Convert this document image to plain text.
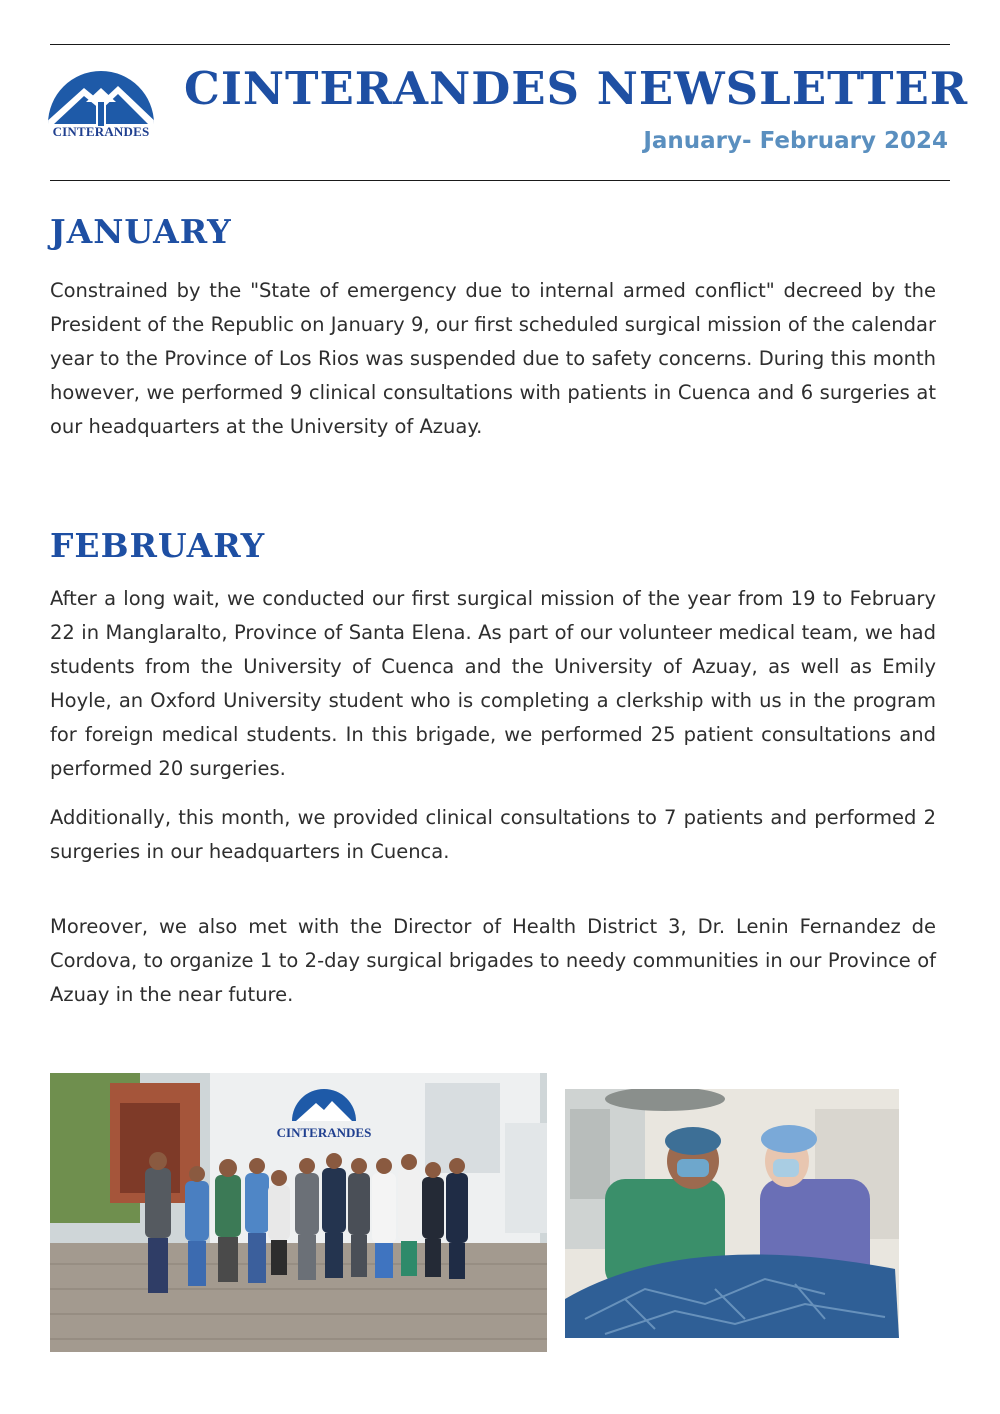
CINTERANDES
CINTERANDES NEWSLETTER
January- February 2024
JANUARY

Constrained by the "State of emergency due to internal armed conflict" decreed by the President of the Republic on January 9, our first scheduled surgical mission of the calendar year to the Province of Los Rios was suspended due to safety concerns. During this month however, we performed 9 clinical consultations with patients in Cuenca and 6 surgeries at our headquarters at the University of Azuay.

FEBRUARY

After a long wait, we conducted our first surgical mission of the year from 19 to February 22 in Manglaralto, Province of Santa Elena. As part of our volunteer medical team, we had students from the University of Cuenca and the University of Azuay, as well as Emily Hoyle, an Oxford University student who is completing a clerkship with us in the program for foreign medical students. In this brigade, we performed 25 patient consultations and performed 20 surgeries.

Additionally, this month, we provided clinical consultations to 7 patients and performed 2 surgeries in our headquarters in Cuenca.

Moreover, we also met with the Director of Health District 3, Dr. Lenin Fernandez de Cordova, to organize 1 to 2-day surgical brigades to needy communities in our Province of Azuay in the near future.

CINTERANDES
